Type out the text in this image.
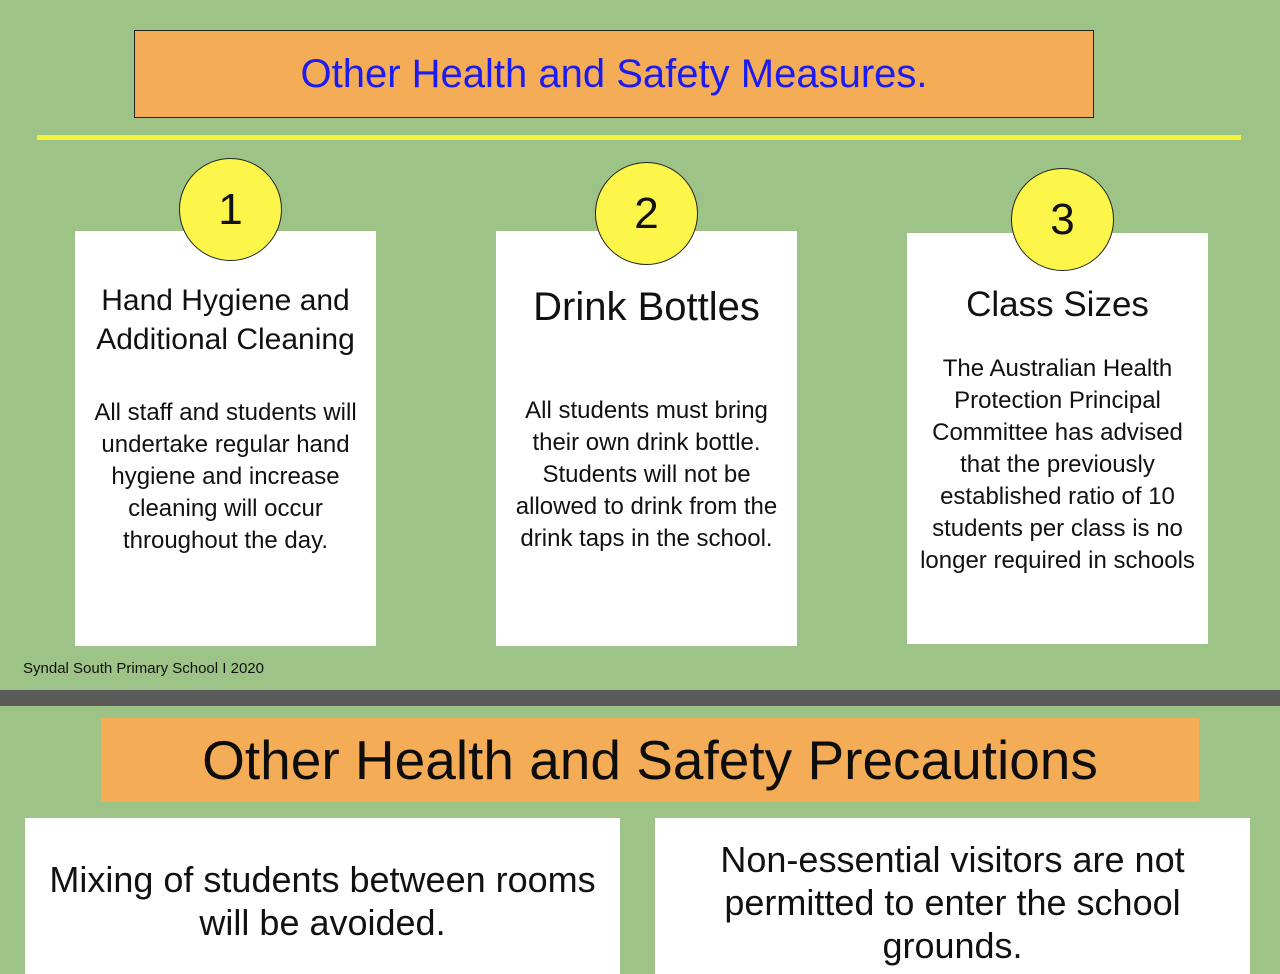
Other Health and Safety Measures.
Hand Hygiene and
Additional Cleaning

All staff and students will undertake regular hand hygiene and increase cleaning will occur throughout the day.

Drink Bottles

All students must bring their own drink bottle. Students will not be allowed to drink from the drink taps in the school.

Class Sizes

The Australian Health Protection Principal Committee has advised that the previously established ratio of 10 students per class is no longer required in schools

1	2	3
Syndal South Primary School I 2020
Other Health and Safety Precautions
Mixing of students between rooms will be avoided.
Non-essential visitors are not permitted to enter the school grounds.
